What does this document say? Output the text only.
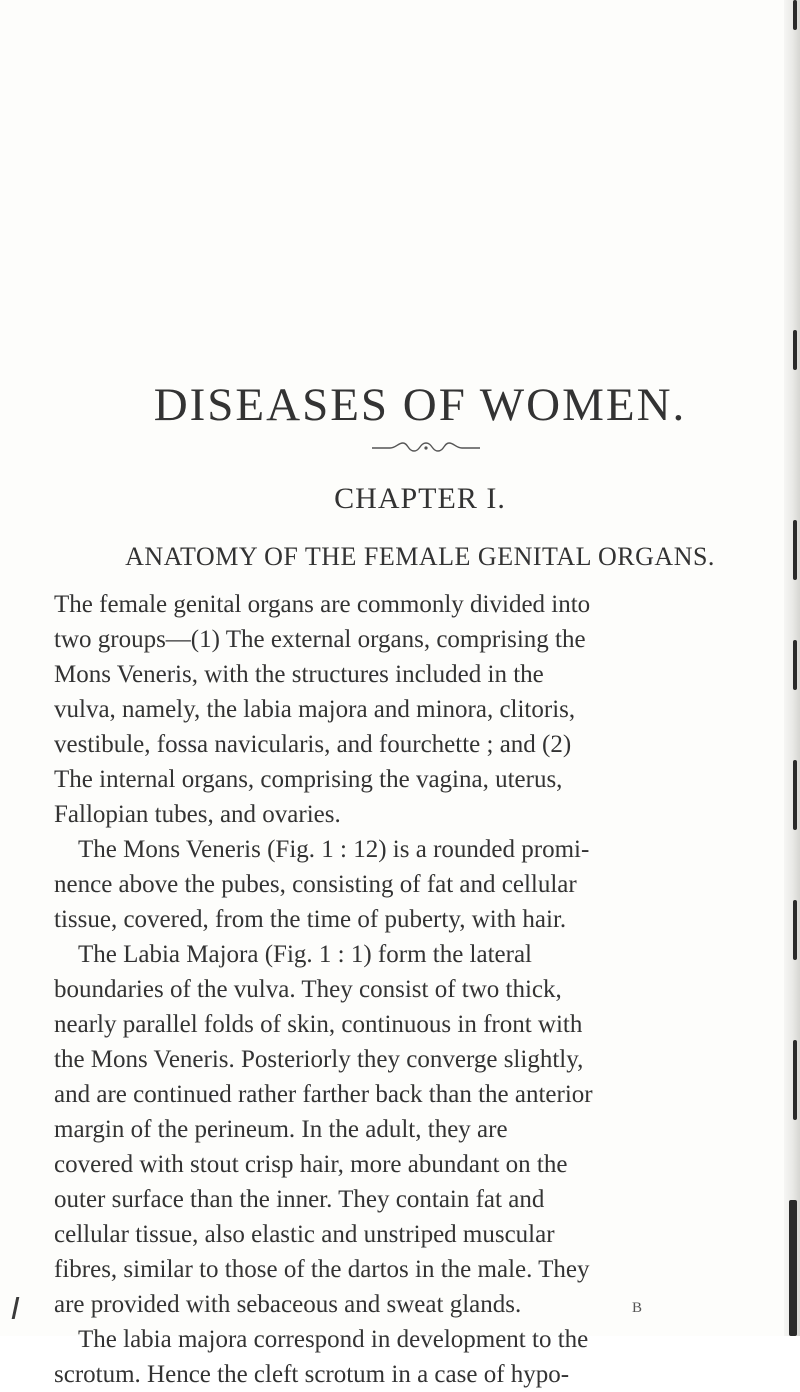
DISEASES OF WOMEN.
CHAPTER I.
ANATOMY OF THE FEMALE GENITAL ORGANS.
The female genital organs are commonly divided into
two groups—(1) The external organs, comprising the
Mons Veneris, with the structures included in the
vulva, namely, the labia majora and minora, clitoris,
vestibule, fossa navicularis, and fourchette ; and (2)
The internal organs, comprising the vagina, uterus,
Fallopian tubes, and ovaries.
The Mons Veneris (Fig. 1 : 12) is a rounded promi-
nence above the pubes, consisting of fat and cellular
tissue, covered, from the time of puberty, with hair.
The Labia Majora (Fig. 1 : 1) form the lateral
boundaries of the vulva. They consist of two thick,
nearly parallel folds of skin, continuous in front with
the Mons Veneris. Posteriorly they converge slightly,
and are continued rather farther back than the anterior
margin of the perineum. In the adult, they are
covered with stout crisp hair, more abundant on the
outer surface than the inner. They contain fat and
cellular tissue, also elastic and unstriped muscular
fibres, similar to those of the dartos in the male. They
are provided with sebaceous and sweat glands.
The labia majora correspond in development to the
scrotum. Hence the cleft scrotum in a case of hypo-
B
